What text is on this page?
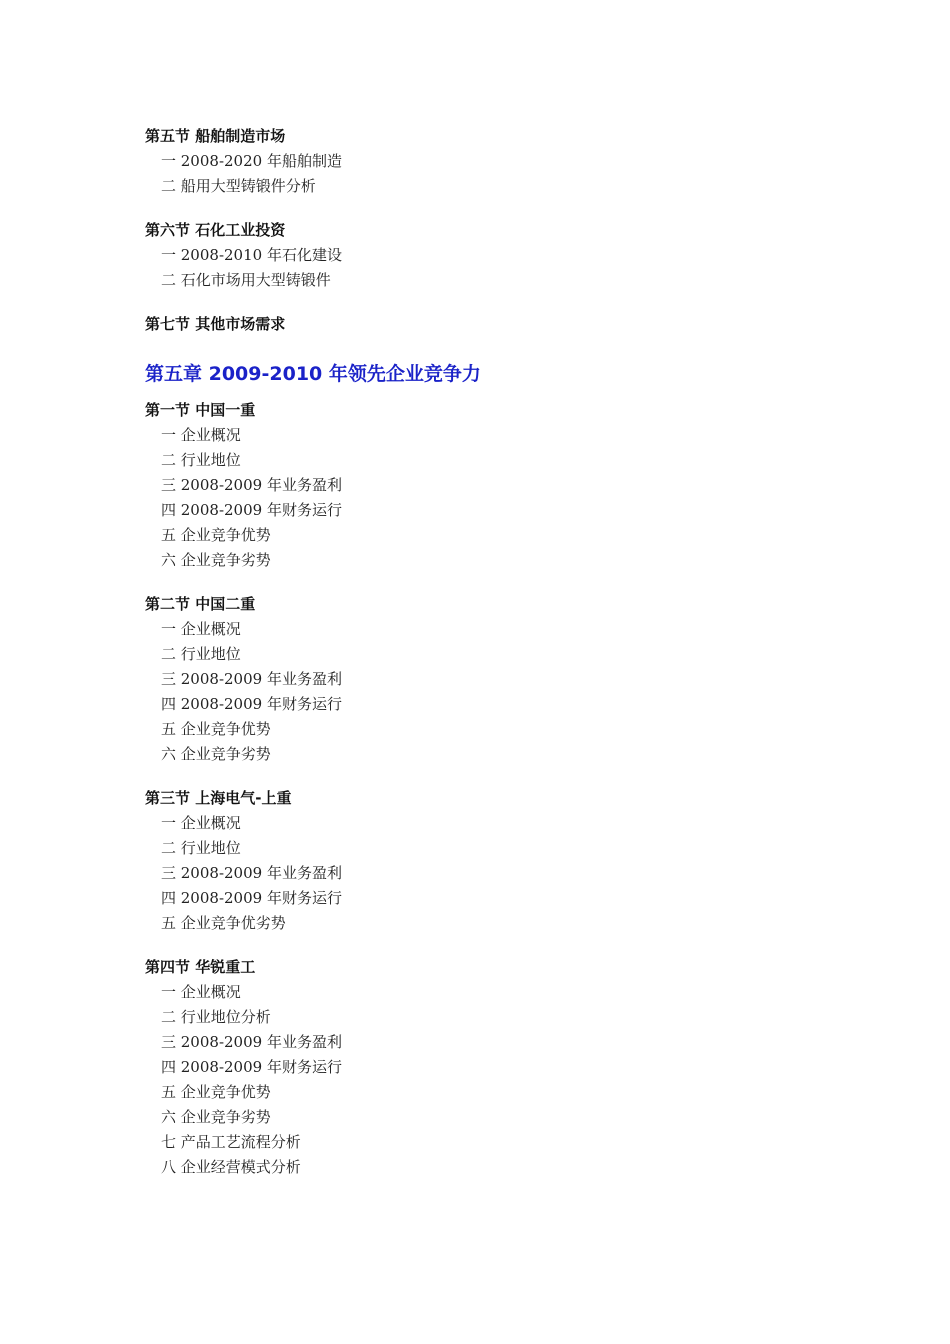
第五节 船舶制造市场
一 2008-2020 年船舶制造
二 船用大型铸锻件分析
第六节 石化工业投资
一 2008-2010 年石化建设
二 石化市场用大型铸锻件
第七节 其他市场需求
第五章 2009-2010 年领先企业竞争力
第一节 中国一重
一 企业概况
二 行业地位
三 2008-2009 年业务盈利
四 2008-2009 年财务运行
五 企业竞争优势
六 企业竞争劣势
第二节 中国二重
一 企业概况
二 行业地位
三 2008-2009 年业务盈利
四 2008-2009 年财务运行
五 企业竞争优势
六 企业竞争劣势
第三节 上海电气-上重
一 企业概况
二 行业地位
三 2008-2009 年业务盈利
四 2008-2009 年财务运行
五 企业竞争优劣势
第四节 华锐重工
一 企业概况
二 行业地位分析
三 2008-2009 年业务盈利
四 2008-2009 年财务运行
五 企业竞争优势
六 企业竞争劣势
七 产品工艺流程分析
八 企业经营模式分析
